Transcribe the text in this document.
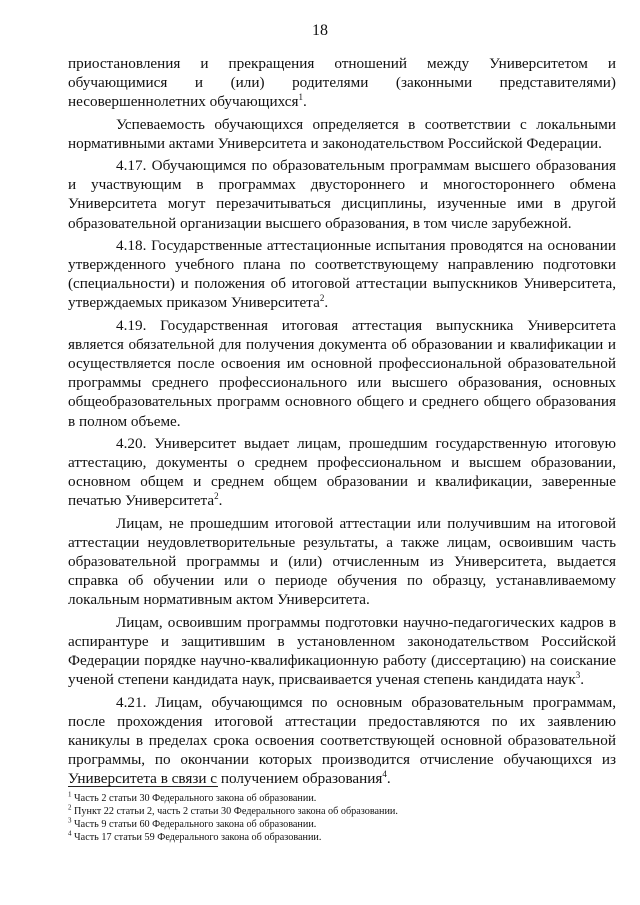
18

приостановления и прекращения отношений между Университетом и обучающимися и (или) родителями (законными представителями) несовершеннолетних обучающихся$^1$.

Успеваемость обучающихся определяется в соответствии с локальными нормативными актами Университета и законодательством Российской Федерации.

4.17. Обучающимся по образовательным программам высшего образования и участвующим в программах двустороннего и многостороннего обмена Университета могут перезачитываться дисциплины, изученные ими в другой образовательной организации высшего образования, в том числе зарубежной.

4.18. Государственные аттестационные испытания проводятся на основании утвержденного учебного плана по соответствующему направлению подготовки (специальности) и положения об итоговой аттестации выпускников Университета, утверждаемых приказом Университета$^2$.

4.19. Государственная итоговая аттестация выпускника Университета является обязательной для получения документа об образовании и квалификации и осуществляется после освоения им основной профессиональной образовательной программы среднего профессионального или высшего образования, основных общеобразовательных программ основного общего и среднего общего образования в полном объеме.

4.20. Университет выдает лицам, прошедшим государственную итоговую аттестацию, документы о среднем профессиональном и высшем образовании, основном общем и среднем общем образовании и квалификации, заверенные печатью Университета$^2$.

Лицам, не прошедшим итоговой аттестации или получившим на итоговой аттестации неудовлетворительные результаты, а также лицам, освоившим часть образовательной программы и (или) отчисленным из Университета, выдается справка об обучении или о периоде обучения по образцу, устанавливаемому локальным нормативным актом Университета.

Лицам, освоившим программы подготовки научно-педагогических кадров в аспирантуре и защитившим в установленном законодательством Российской Федерации порядке научно-квалификационную работу (диссертацию) на соискание ученой степени кандидата наук, присваивается ученая степень кандидата наук$^3$.

4.21. Лицам, обучающимся по основным образовательным программам, после прохождения итоговой аттестации предоставляются по их заявлению каникулы в пределах срока освоения соответствующей основной образовательной программы, по окончании которых производится отчисление обучающихся из Университета в связи с получением образования$^4$.

$^1$ Часть 2 статьи 30 Федерального закона об образовании.

$^2$ Пункт 22 статьи 2, часть 2 статьи 30 Федерального закона об образовании.

$^3$ Часть 9 статьи 60 Федерального закона об образовании.

$^4$ Часть 17 статьи 59 Федерального закона об образовании.
